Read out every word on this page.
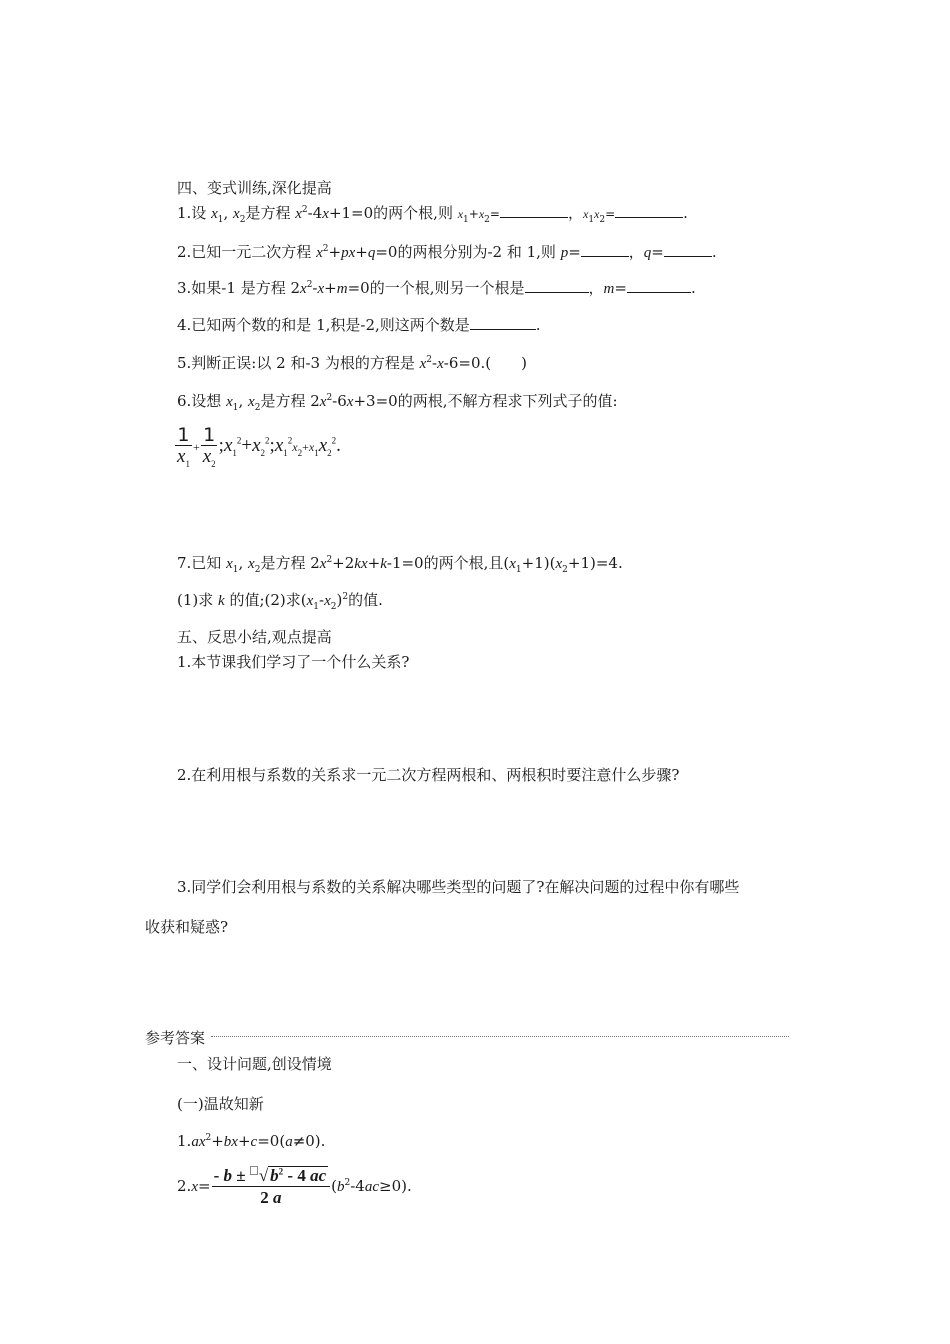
四、变式训练,深化提高
1.设 $x_1$, $x_2$是方程 $x^2-4x+1=0$的两个根,则 $x_1+x_2=$	，$x_1x_2=$	.
2.已知一元二次方程 $x^2+px+q=0$的两根分别为-2 和 1,则 p=	，q=	.
3.如果-1 是方程 $2x^2-x+m=0$的一个根,则另一个根是	，m=	.
4.已知两个数的和是 1,积是-2,则这两个数是	.
5.判断正误:以 2 和-3 为根的方程是 $x^2-x-6=0$.(　　)
6.设想 $x_1$, $x_2$是方程 $2x^2-6x+3=0$的两根,不解方程求下列式子的值:
$\frac{1}{x_1} + \frac{1}{x_2}$ $;x_1^2+x_2^2;x_1^2x_2+x_1x_2^2$.
7.已知 $x_1$, $x_2$是方程 $2x^2+2kx+k-1=0$的两个根,且$(x_1+1)(x_2+1)=4$.
(1)求 k 的值;(2)求$(x_1-x_2)^2$的值.
五、反思小结,观点提高
1.本节课我们学习了一个什么关系?
2.在利用根与系数的关系求一元二次方程两根和、两根积时要注意什么步骤?
3.同学们会利用根与系数的关系解决哪些类型的问题了?在解决问题的过程中你有哪些
收获和疑惑?
参考答案
一、设计问题,创设情境
(一)温故知新
$1.ax^2+bx+c=0(a\ne 0)$.
$2.x= \frac{- b \pm √ b^2 - 4 ac}{2 a} (b^2-4ac\ge 0)$.
